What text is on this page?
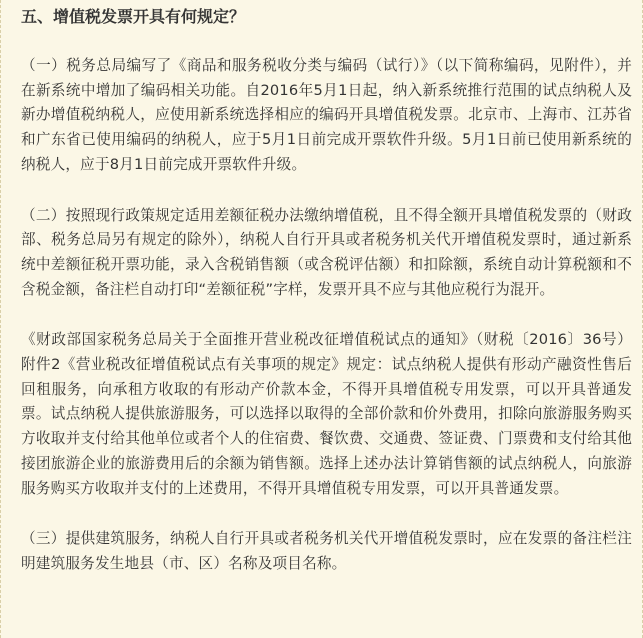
五、增值税发票开具有何规定？

（一）税务总局编写了《商品和服务税收分类与编码（试行）》（以下简称编码，见附件），并在新系统中增加了编码相关功能。自2016年5月1日起，纳入新系统推行范围的试点纳税人及新办增值税纳税人，应使用新系统选择相应的编码开具增值税发票。北京市、上海市、江苏省和广东省已使用编码的纳税人，应于5月1日前完成开票软件升级。5月1日前已使用新系统的纳税人，应于8月1日前完成开票软件升级。

（二）按照现行政策规定适用差额征税办法缴纳增值税，且不得全额开具增值税发票的（财政部、税务总局另有规定的除外），纳税人自行开具或者税务机关代开增值税发票时，通过新系统中差额征税开票功能，录入含税销售额（或含税评估额）和扣除额，系统自动计算税额和不含税金额，备注栏自动打印“差额征税”字样，发票开具不应与其他应税行为混开。

《财政部国家税务总局关于全面推开营业税改征增值税试点的通知》（财税〔2016〕36号）附件2《营业税改征增值税试点有关事项的规定》规定：试点纳税人提供有形动产融资性售后回租服务，向承租方收取的有形动产价款本金，不得开具增值税专用发票，可以开具普通发票。试点纳税人提供旅游服务，可以选择以取得的全部价款和价外费用，扣除向旅游服务购买方收取并支付给其他单位或者个人的住宿费、餐饮费、交通费、签证费、门票费和支付给其他接团旅游企业的旅游费用后的余额为销售额。选择上述办法计算销售额的试点纳税人，向旅游服务购买方收取并支付的上述费用，不得开具增值税专用发票，可以开具普通发票。

（三）提供建筑服务，纳税人自行开具或者税务机关代开增值税发票时，应在发票的备注栏注明建筑服务发生地县（市、区）名称及项目名称。
